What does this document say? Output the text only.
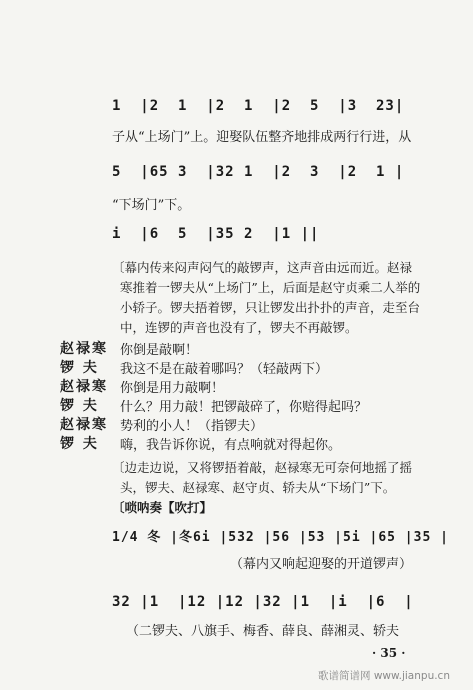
1  |2  1  |2  1  |2  5  |3  23|
子从“上场门”上。迎娶队伍整齐地排成两行行进，从
5  |65 3  |32 1  |2  3  |2  1 |
“下场门”下。
i  |6  5  |35 2  |1 ||
〔幕内传来闷声闷气的敲锣声，这声音由远而近。赵禄
寒推着一锣夫从“上场门”上，后面是赵守贞乘二人举的
小轿子。锣夫捂着锣，只让锣发出扑扑的声音，走至台
中，连锣的声音也没有了，锣夫不再敲锣。
赵禄寒 你倒是敲啊！
锣 夫 我这不是在敲着哪吗？（轻敲两下）
赵禄寒 你倒是用力敲啊！
锣 夫 什么？用力敲！把锣敲碎了，你赔得起吗？
赵禄寒 势利的小人！（指锣夫）
锣 夫 嗨，我告诉你说，有点响就对得起你。
〔边走边说，又将锣捂着敲，赵禄寒无可奈何地摇了摇
头，锣夫、赵禄寒、赵守贞、轿夫从“下场门”下。
〔唢呐奏【吹打】
1/4 冬 |冬6i |532 |56 |53 |5i |65 |35 |
（幕内又响起迎娶的开道锣声）
32 |1  |12 |12 |32 |1  |i  |6  |
（二锣夫、八旗手、梅香、薛良、薛湘灵、轿夫
· 35 ·
歌谱简谱网 www.jianpu.cn
